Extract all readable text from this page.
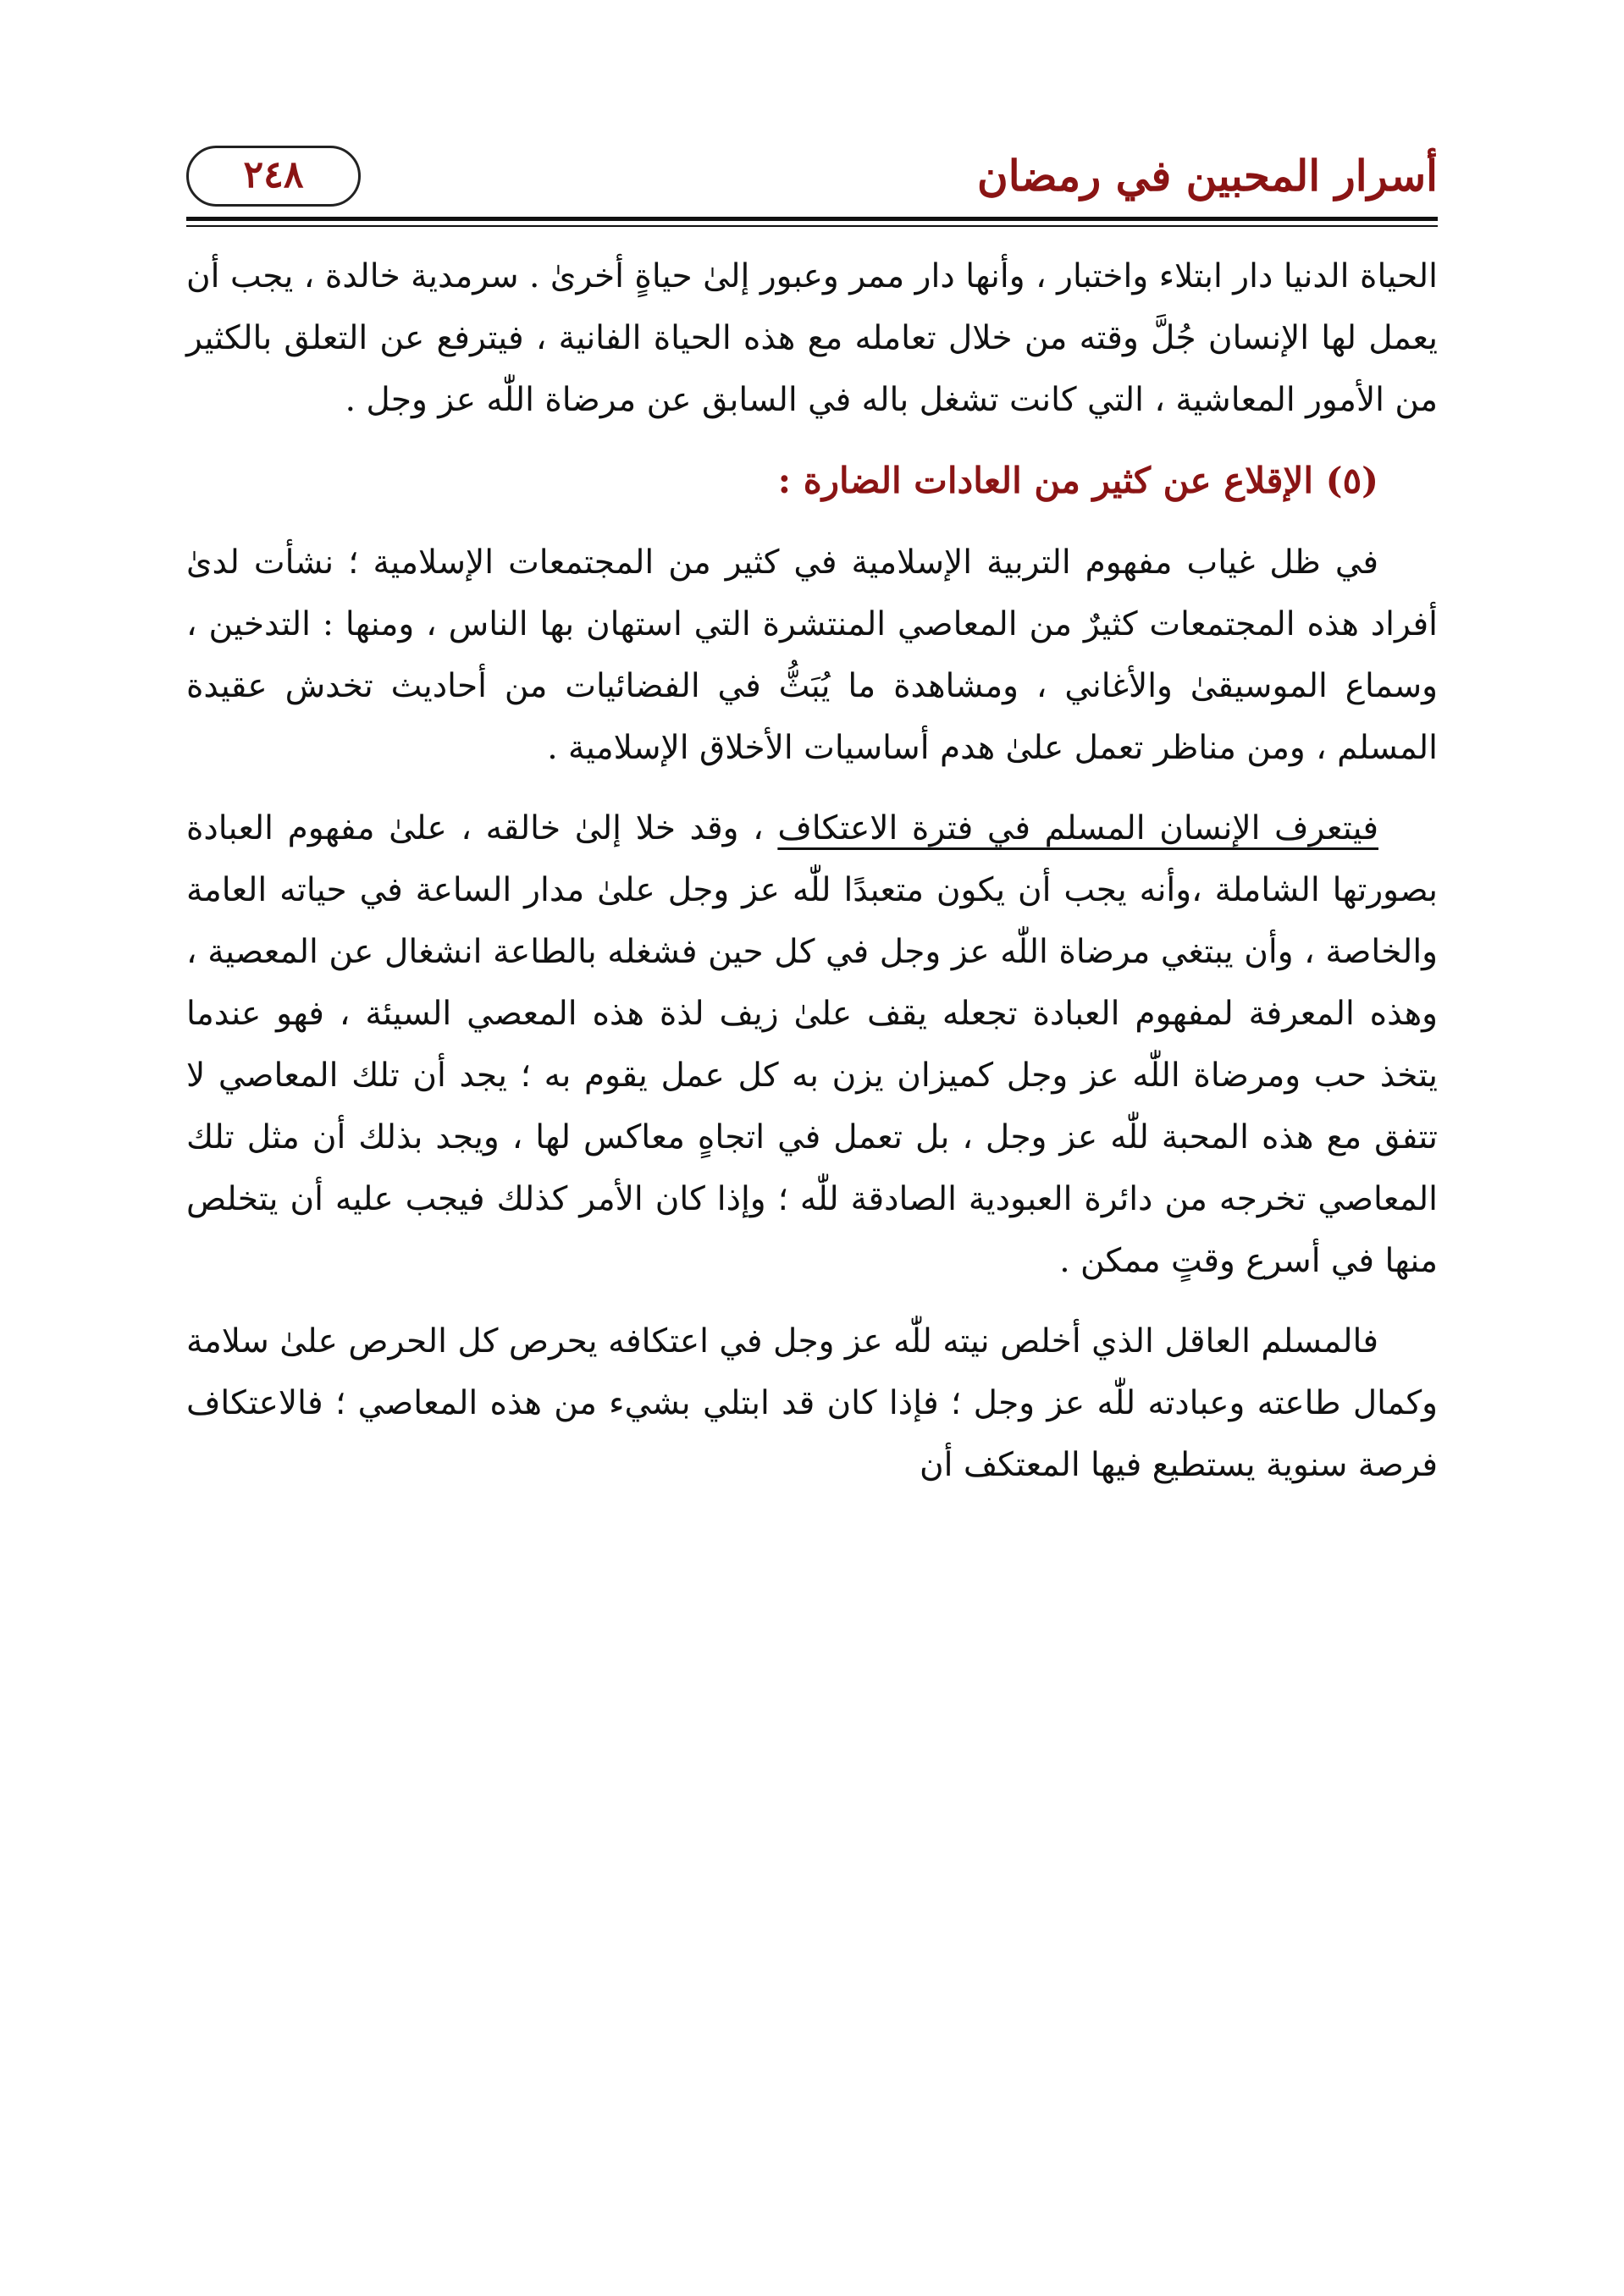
أسرار المحبين في رمضان
٢٤٨

الحياة الدنيا دار ابتلاء واختبار ، وأنها دار ممر وعبور إلىٰ حياةٍ أخرىٰ . سرمدية خالدة ، يجب أن يعمل لها الإنسان جُلَّ وقته من خلال تعامله مع هذه الحياة الفانية ، فيترفع عن التعلق بالكثير من الأمور المعاشية ، التي كانت تشغل باله في السابق عن مرضاة اللّٰه عز وجل .

(٥) الإقلاع عن كثير من العادات الضارة :

في ظل غياب مفهوم التربية الإسلامية في كثير من المجتمعات الإسلامية ؛ نشأت لدىٰ أفراد هذه المجتمعات كثيرٌ من المعاصي المنتشرة التي استهان بها الناس ، ومنها : التدخين ، وسماع الموسيقىٰ والأغاني ، ومشاهدة ما يُبَثُّ في الفضائيات من أحاديث تخدش عقيدة المسلم ، ومن مناظر تعمل علىٰ هدم أساسيات الأخلاق الإسلامية .

فيتعرف الإنسان المسلم في فترة الاعتكاف ، وقد خلا إلىٰ خالقه ، علىٰ مفهوم العبادة بصورتها الشاملة ،وأنه يجب أن يكون متعبدًا للّٰه عز وجل علىٰ مدار الساعة في حياته العامة والخاصة ، وأن يبتغي مرضاة اللّٰه عز وجل في كل حين فشغله بالطاعة انشغال عن المعصية ، وهذه المعرفة لمفهوم العبادة تجعله يقف علىٰ زيف لذة هذه المعصي السيئة ، فهو عندما يتخذ حب ومرضاة اللّٰه عز وجل كميزان يزن به كل عمل يقوم به ؛ يجد أن تلك المعاصي لا تتفق مع هذه المحبة للّٰه عز وجل ، بل تعمل في اتجاهٍ معاكس لها ، ويجد بذلك أن مثل تلك المعاصي تخرجه من دائرة العبودية الصادقة للّٰه ؛ وإذا كان الأمر كذلك فيجب عليه أن يتخلص منها في أسرع وقتٍ ممكن .

فالمسلم العاقل الذي أخلص نيته للّٰه عز وجل في اعتكافه يحرص كل الحرص علىٰ سلامة وكمال طاعته وعبادته للّٰه عز وجل ؛ فإذا كان قد ابتلي بشيء من هذه المعاصي ؛ فالاعتكاف فرصة سنوية يستطيع فيها المعتكف أن
